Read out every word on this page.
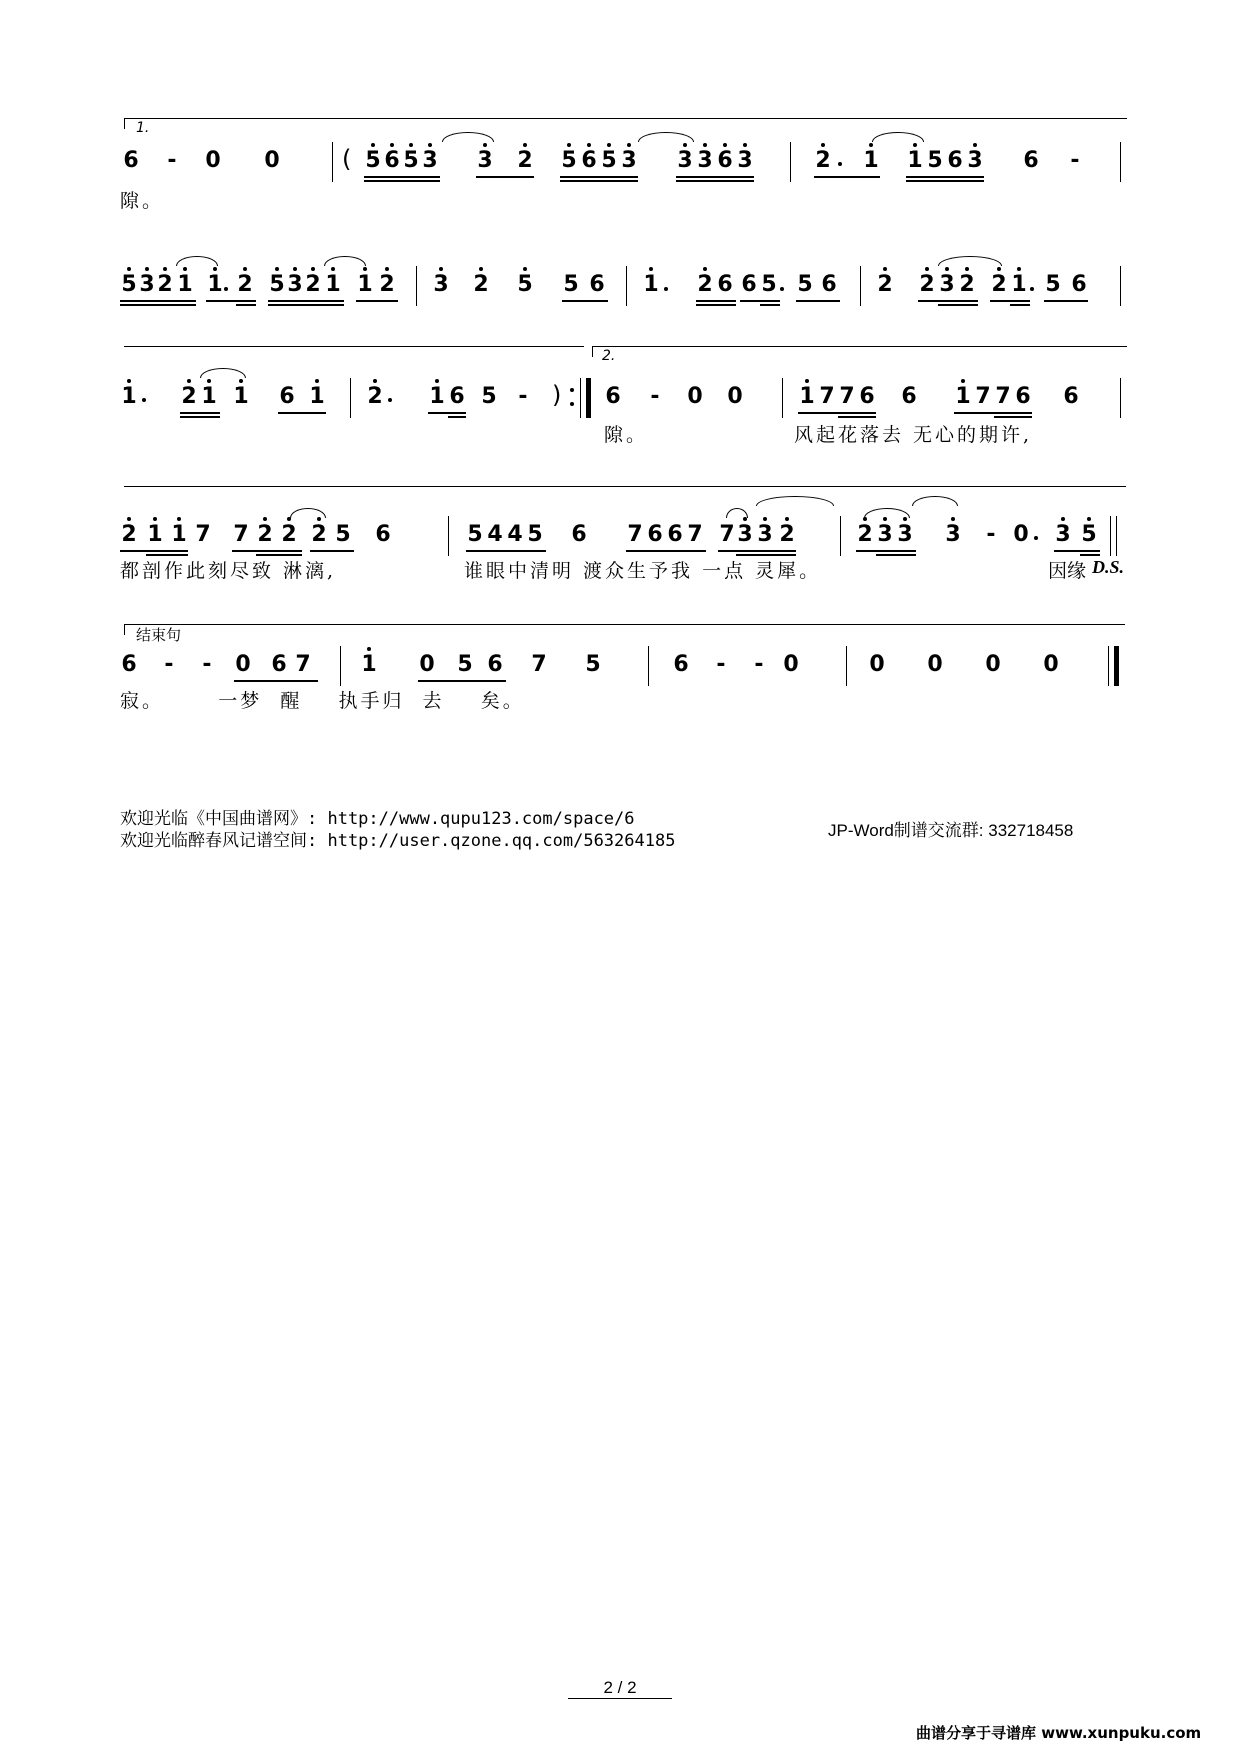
1.
6 - 0 0	( 5 6 5 3 3 2 5 6 5 3 3 3 6 3	2 1 1 5 6 3 6 -
隙。
5 3 2 1 1 2 5 3 2 1 1 2 3 2 5 5 6 1 2 6 6 5 5 6 2 2 3 2 2 1 5 6
2.
1 2 1 1 6 1 2 1 6 5 - ) 6 - 0 0	1 7 7 6 6 1 7 7 6 6
隙。	风起花落去 无心的期许,
2 1 1 7 7 2 2 2 5 6	5 4 4 5 6 7 6 6 7 7 3 3 2	2 3 3 3 - 0 3 5
都剖作此刻尽致 淋漓,	谁眼中清明 渡众生予我 一点 灵犀。	因缘 D.S.
结束句
6 - - 0 6 7 1 0 5 6 7 5	6 - - 0	0 0 0 0
寂。      一梦  醒    执手归  去    矣。
欢迎光临《中国曲谱网》: http://www.qupu123.com/space/6
欢迎光临醉春风记谱空间: http://user.qzone.qq.com/563264185
JP-Word制谱交流群: 332718458
2 / 2
曲谱分享于寻谱库 www.xunpuku.com
